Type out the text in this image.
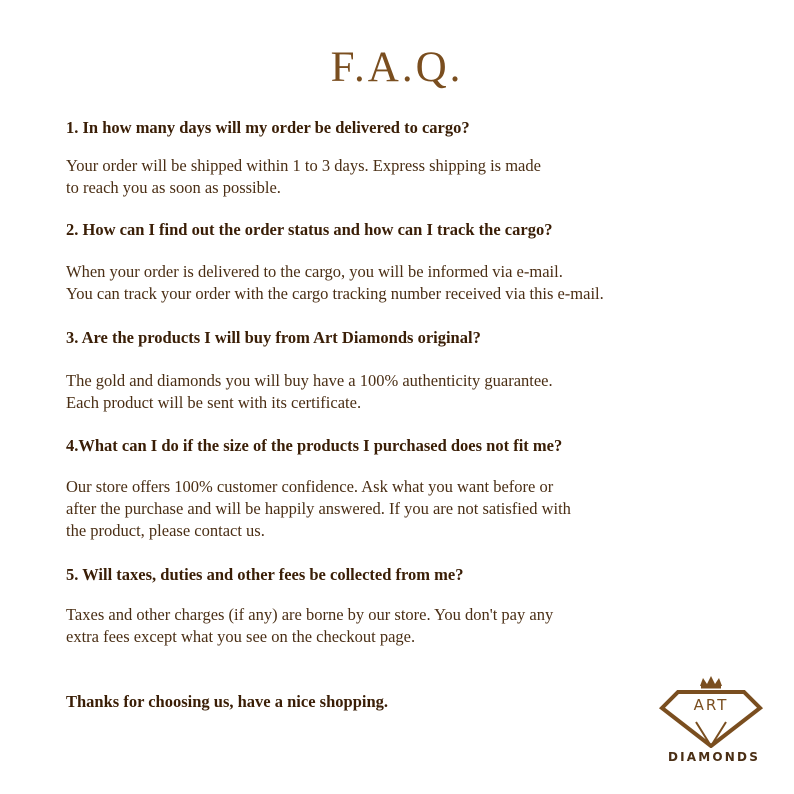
F.A.Q.
1. In how many days will my order be delivered to cargo?
Your order will be shipped within 1 to 3 days. Express shipping is made
to reach you as soon as possible.
2. How can I find out the order status and how can I track the cargo?
When your order is delivered to the cargo, you will be informed via e-mail.
You can track your order with the cargo tracking number received via this e-mail.
3. Are the products I will buy from Art Diamonds original?
The gold and diamonds you will buy have a 100% authenticity guarantee.
Each product will be sent with its certificate.
4.What can I do if the size of the products I purchased does not fit me?
Our store offers 100% customer confidence. Ask what you want before or
after the purchase and will be happily answered. If you are not satisfied with
the product, please contact us.
5. Will taxes, duties and other fees be collected from me?
Taxes and other charges (if any) are borne by our store. You don't pay any
extra fees except what you see on the checkout page.
Thanks for choosing us, have a nice shopping.	ART
DIAMONDS
